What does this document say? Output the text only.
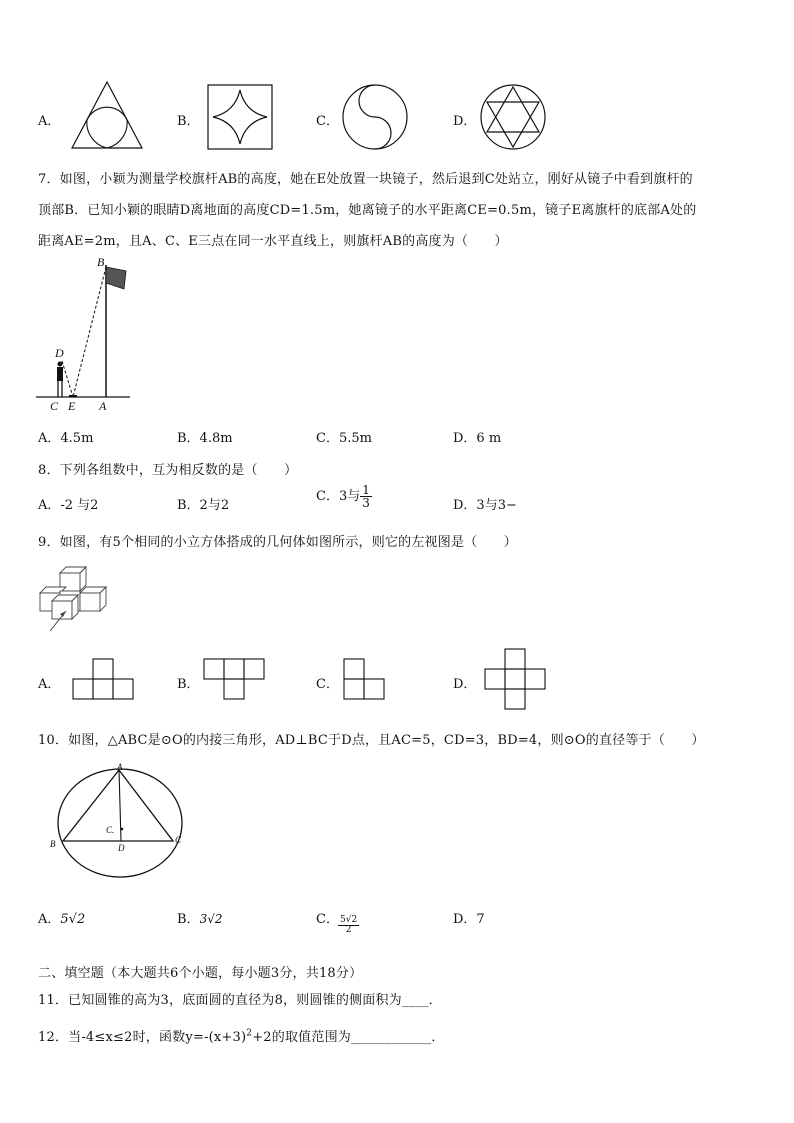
A．	B．	C．	D．
7．如图，小颖为测量学校旗杆AB的高度，她在E处放置一块镜子，然后退到C处站立，刚好从镜子中看到旗杆的
顶部B．已知小颖的眼睛D离地面的高度CD=1.5m，她离镜子的水平距离CE=0.5m，镜子E离旗杆的底部A处的
距离AE=2m，且A、C、E三点在同一水平直线上，则旗杆AB的高度为（　　）
B
D
C E A
A．4.5m	B．4.8m	C．5.5m	D．6 m
8．下列各组数中，互为相反数的是（　　）
A．-2 与2	B．2与2
C．3与 $\frac{1}{3}$	D．3与3−
9．如图，有5个相同的小立方体搭成的几何体如图所示，则它的左视图是（　　）
A．	B．	C．	D．
10．如图，△ABC是⊙O的内接三角形，AD⊥BC于D点，且AC=5，CD=3，BD=4，则⊙O的直径等于（　　）
A
B	C
D
C.
A．5√2	B．3√2	C． $\frac{5√2}{2}$	D．7
二、填空题（本大题共6个小题，每小题3分，共18分）
11．已知圆锥的高为3，底面圆的直径为8，则圆锥的侧面积为____．
12．当-4≤x≤2时，函数$y=-(x+3)^2+2$的取值范围为____________．
